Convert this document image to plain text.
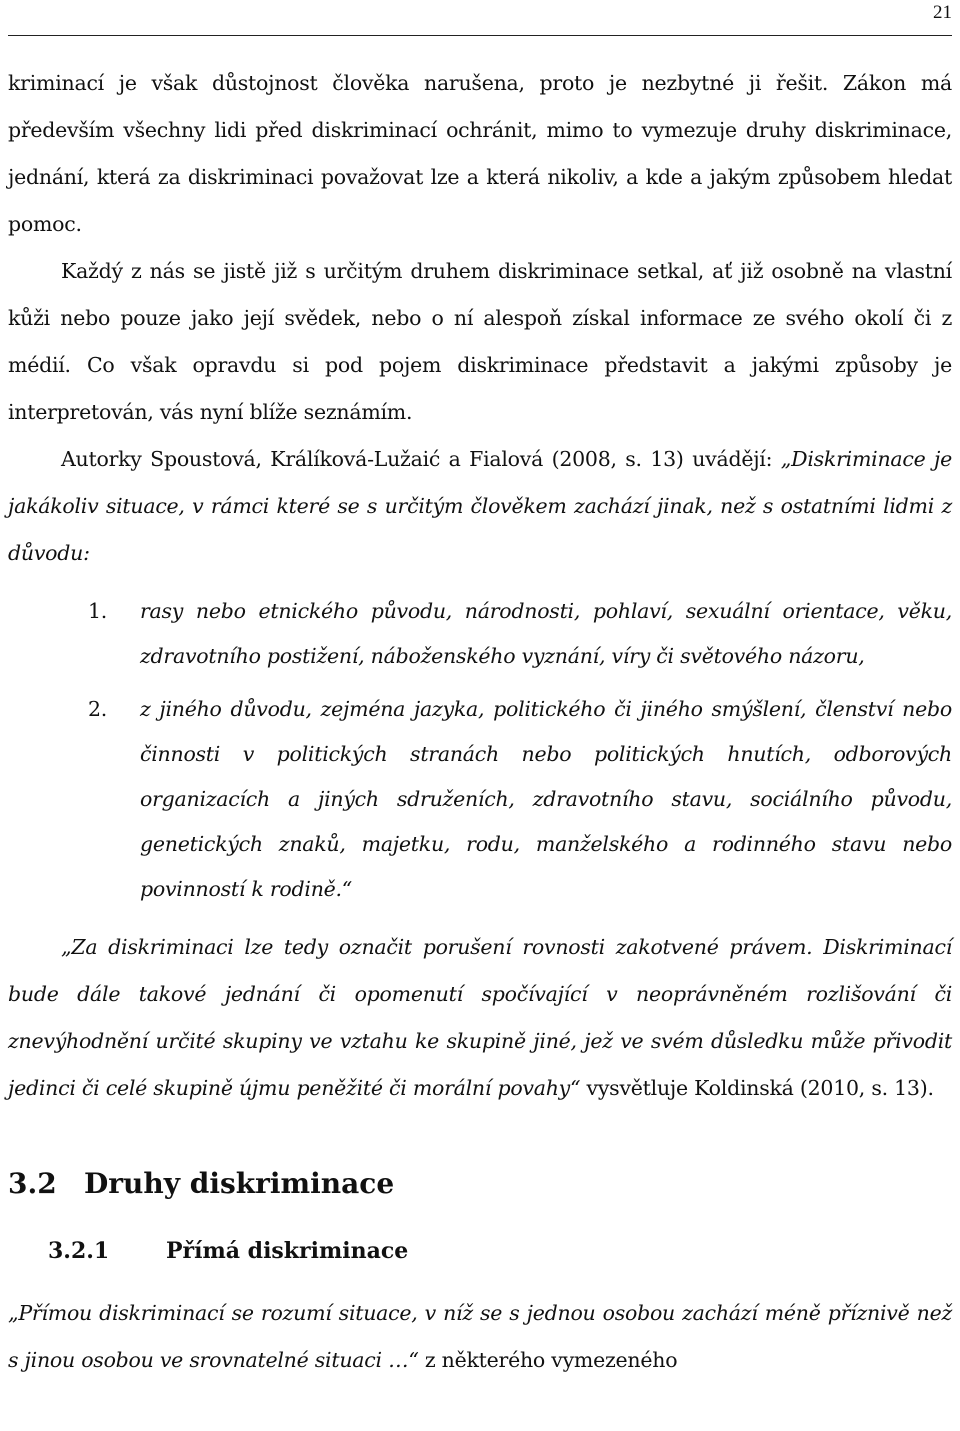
21

kriminací je však důstojnost člověka narušena, proto je nezbytné ji řešit. Zákon má především všechny lidi před diskriminací ochránit, mimo to vymezuje druhy diskriminace, jednání, která za diskriminaci považovat lze a která nikoliv, a kde a jakým způsobem hledat pomoc.

Každý z nás se jistě již s určitým druhem diskriminace setkal, ať již osobně na vlastní kůži nebo pouze jako její svědek, nebo o ní alespoň získal informace ze svého okolí či z médií. Co však opravdu si pod pojem diskriminace představit a jakými způsoby je interpretován, vás nyní blíže seznámím.

Autorky Spoustová, Králíková-Lužaić a Fialová (2008, s. 13) uvádějí: „Diskriminace je jakákoliv situace, v rámci které se s určitým člověkem zachází jinak, než s ostatními lidmi z důvodu:

1. rasy nebo etnického původu, národnosti, pohlaví, sexuální orientace, věku, zdravotního postižení, náboženského vyznání, víry či světového názoru,
2. z jiného důvodu, zejména jazyka, politického či jiného smýšlení, členství nebo činnosti v politických stranách nebo politických hnutích, odborových organizacích a jiných sdruženích, zdravotního stavu, sociálního původu, genetických znaků, majetku, rodu, manželského a rodinného stavu nebo povinností k rodině.“

„Za diskriminaci lze tedy označit porušení rovnosti zakotvené právem. Diskriminací bude dále takové jednání či opomenutí spočívající v neoprávněném rozlišování či znevýhodnění určité skupiny ve vztahu ke skupině jiné, jež ve svém důsledku může přivodit jedinci či celé skupině újmu peněžité či morální povahy“ vysvětluje Koldinská (2010, s. 13).

3.2 Druhy diskriminace
3.2.1	Přímá diskriminace

„Přímou diskriminací se rozumí situace, v níž se s jednou osobou zachází méně příznivě než s jinou osobou ve srovnatelné situaci …“ z některého vymezeného
